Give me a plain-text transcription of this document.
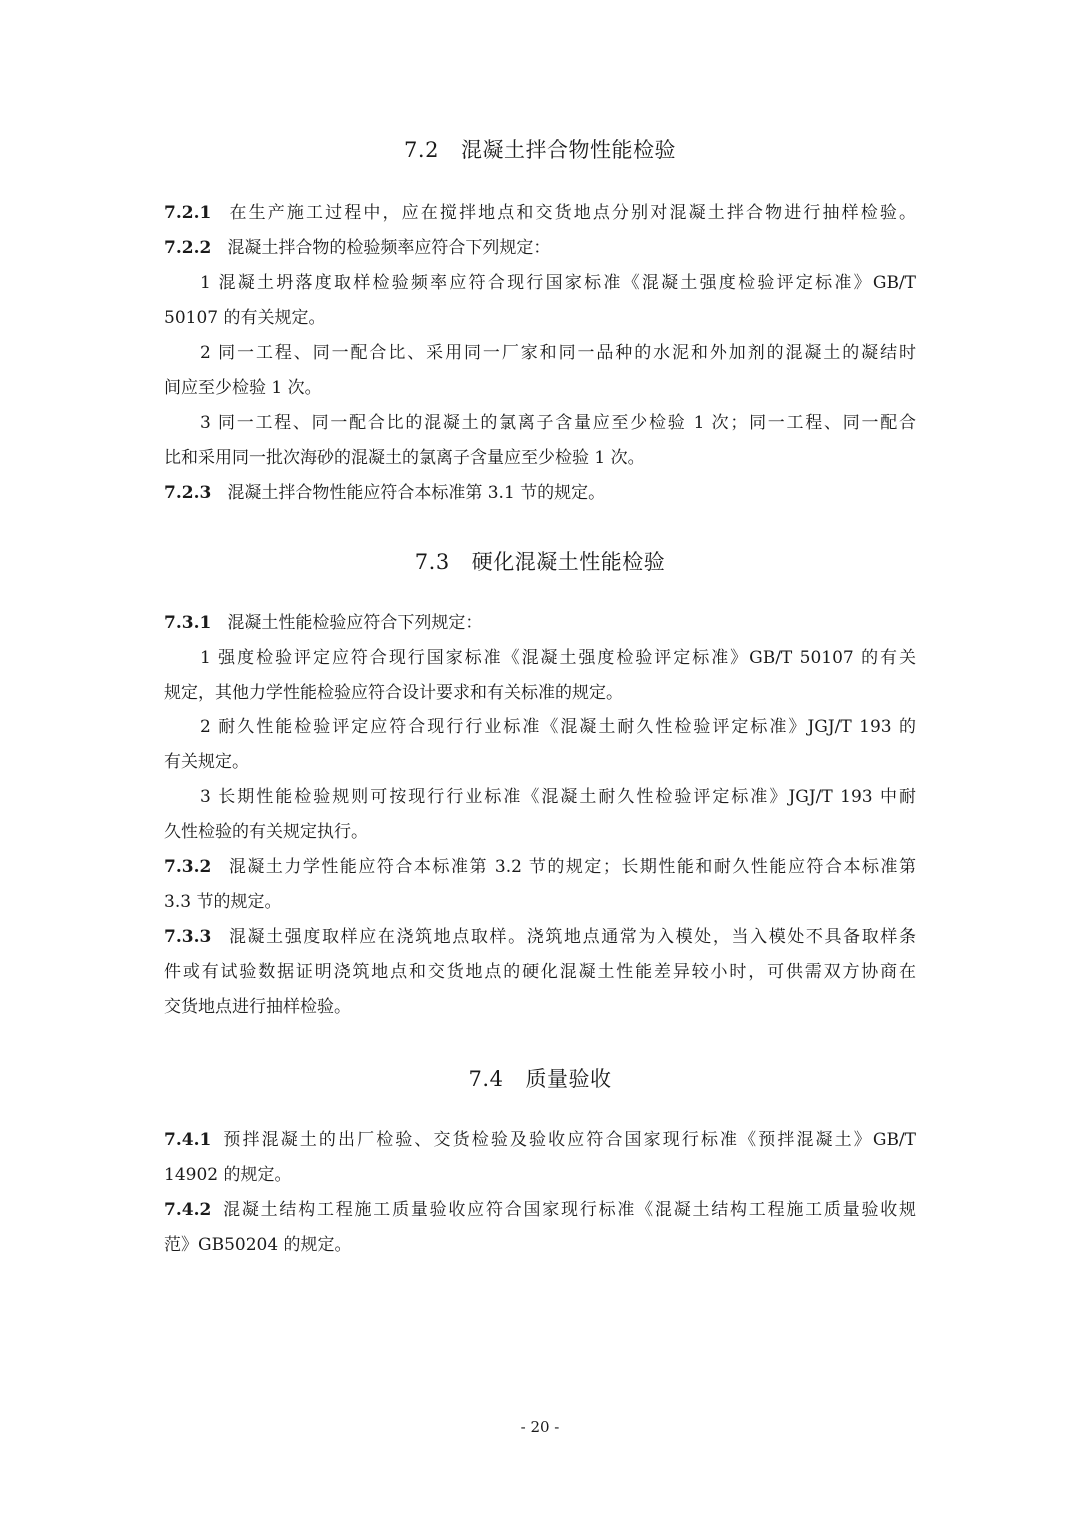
7.2 混凝土拌合物性能检验
7.2.1 在生产施工过程中，应在搅拌地点和交货地点分别对混凝土拌合物进行抽样检验。
7.2.2 混凝土拌合物的检验频率应符合下列规定：
1 混凝土坍落度取样检验频率应符合现行国家标准《混凝土强度检验评定标准》GB/T
50107 的有关规定。
2 同一工程、同一配合比、采用同一厂家和同一品种的水泥和外加剂的混凝土的凝结时
间应至少检验 1 次。
3 同一工程、同一配合比的混凝土的氯离子含量应至少检验 1 次；同一工程、同一配合
比和采用同一批次海砂的混凝土的氯离子含量应至少检验 1 次。
7.2.3 混凝土拌合物性能应符合本标准第 3.1 节的规定。
7.3 硬化混凝土性能检验
7.3.1 混凝土性能检验应符合下列规定：
1 强度检验评定应符合现行国家标准《混凝土强度检验评定标准》GB/T 50107 的有关
规定，其他力学性能检验应符合设计要求和有关标准的规定。
2 耐久性能检验评定应符合现行行业标准《混凝土耐久性检验评定标准》JGJ/T 193 的
有关规定。
3 长期性能检验规则可按现行行业标准《混凝土耐久性检验评定标准》JGJ/T 193 中耐
久性检验的有关规定执行。
7.3.2 混凝土力学性能应符合本标准第 3.2 节的规定；长期性能和耐久性能应符合本标准第
3.3 节的规定。
7.3.3 混凝土强度取样应在浇筑地点取样。浇筑地点通常为入模处，当入模处不具备取样条
件或有试验数据证明浇筑地点和交货地点的硬化混凝土性能差异较小时，可供需双方协商在
交货地点进行抽样检验。
7.4 质量验收
7.4.1 预拌混凝土的出厂检验、交货检验及验收应符合国家现行标准《预拌混凝土》GB/T
14902 的规定。
7.4.2 混凝土结构工程施工质量验收应符合国家现行标准《混凝土结构工程施工质量验收规
范》GB50204 的规定。
- 20 -
